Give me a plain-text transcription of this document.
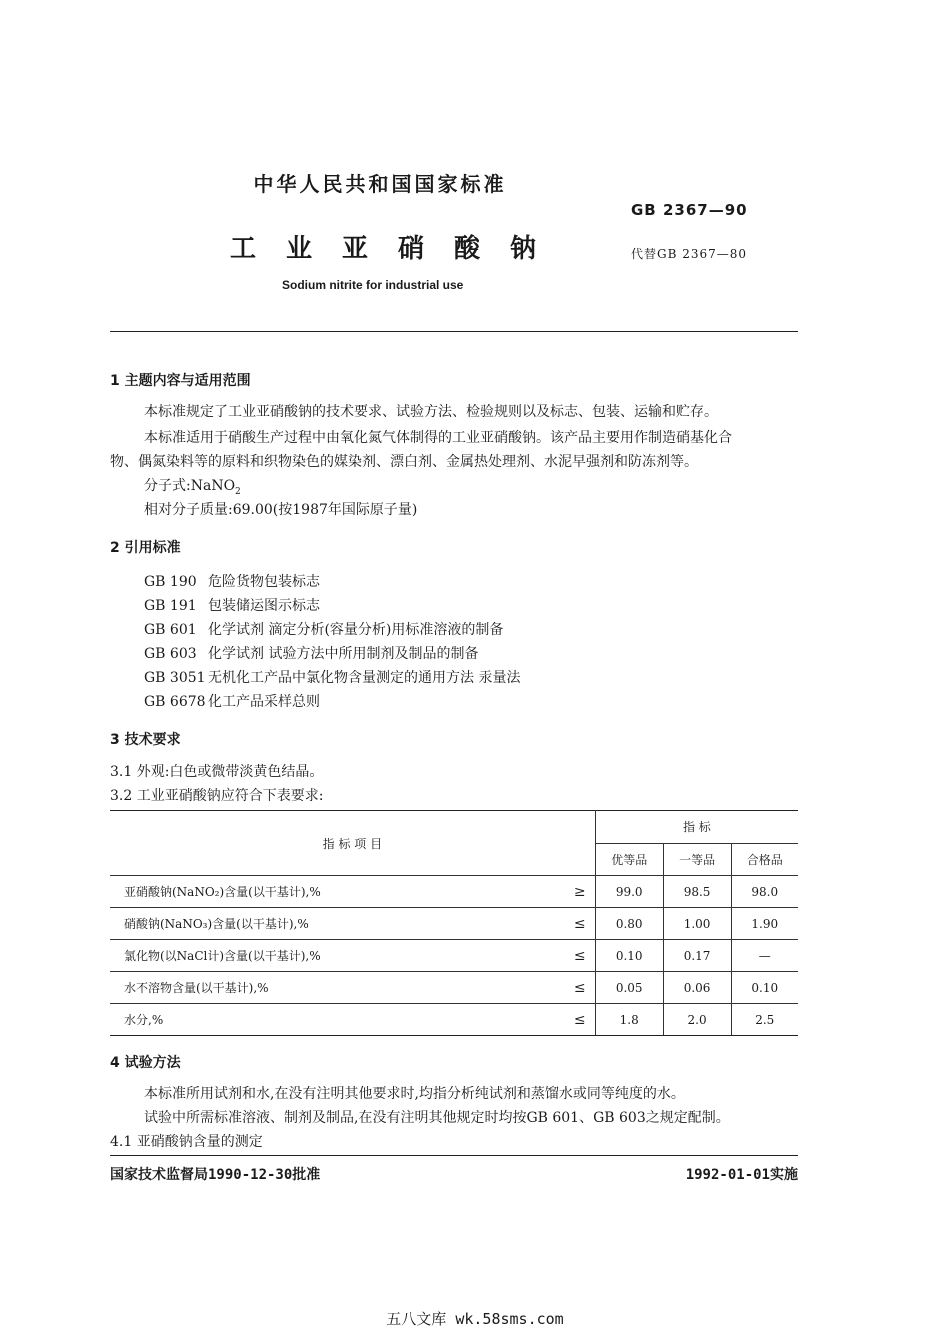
中华人民共和国国家标准
工业亚硝酸钠
Sodium nitrite for industrial use
GB 2367—90
代替GB 2367—80
1 主题内容与适用范围
本标准规定了工业亚硝酸钠的技术要求、试验方法、检验规则以及标志、包装、运输和贮存。
本标准适用于硝酸生产过程中由氧化氮气体制得的工业亚硝酸钠。该产品主要用作制造硝基化合
物、偶氮染料等的原料和织物染色的媒染剂、漂白剂、金属热处理剂、水泥早强剂和防冻剂等。
分子式:NaNO$_2$
相对分子质量:69.00(按1987年国际原子量)
2 引用标准
GB 190 危险货物包装标志
GB 191 包装储运图示标志
GB 601 化学试剂 滴定分析(容量分析)用标准溶液的制备
GB 603 化学试剂 试验方法中所用制剂及制品的制备
GB 3051 无机化工产品中氯化物含量测定的通用方法 汞量法
GB 6678 化工产品采样总则
3 技术要求
3.1 外观:白色或微带淡黄色结晶。
3.2 工业亚硝酸钠应符合下表要求:
指 标 项 目		指 标		
		优等品	一等品	合格品
亚硝酸钠(NaNO₂)含量(以干基计),%	≥	99.0	98.5	98.0
硝酸钠(NaNO₃)含量(以干基计),%	≤	0.80	1.00	1.90
氯化物(以NaCl计)含量(以干基计),%	≤	0.10	0.17	—
水不溶物含量(以干基计),%	≤	0.05	0.06	0.10
水分,%	≤	1.8	2.0	2.5
4 试验方法
本标准所用试剂和水,在没有注明其他要求时,均指分析纯试剂和蒸馏水或同等纯度的水。
试验中所需标准溶液、制剂及制品,在没有注明其他规定时均按GB 601、GB 603之规定配制。
4.1 亚硝酸钠含量的测定
国家技术监督局1990-12-30批准	1992-01-01实施
五八文库 wk.58sms.com
